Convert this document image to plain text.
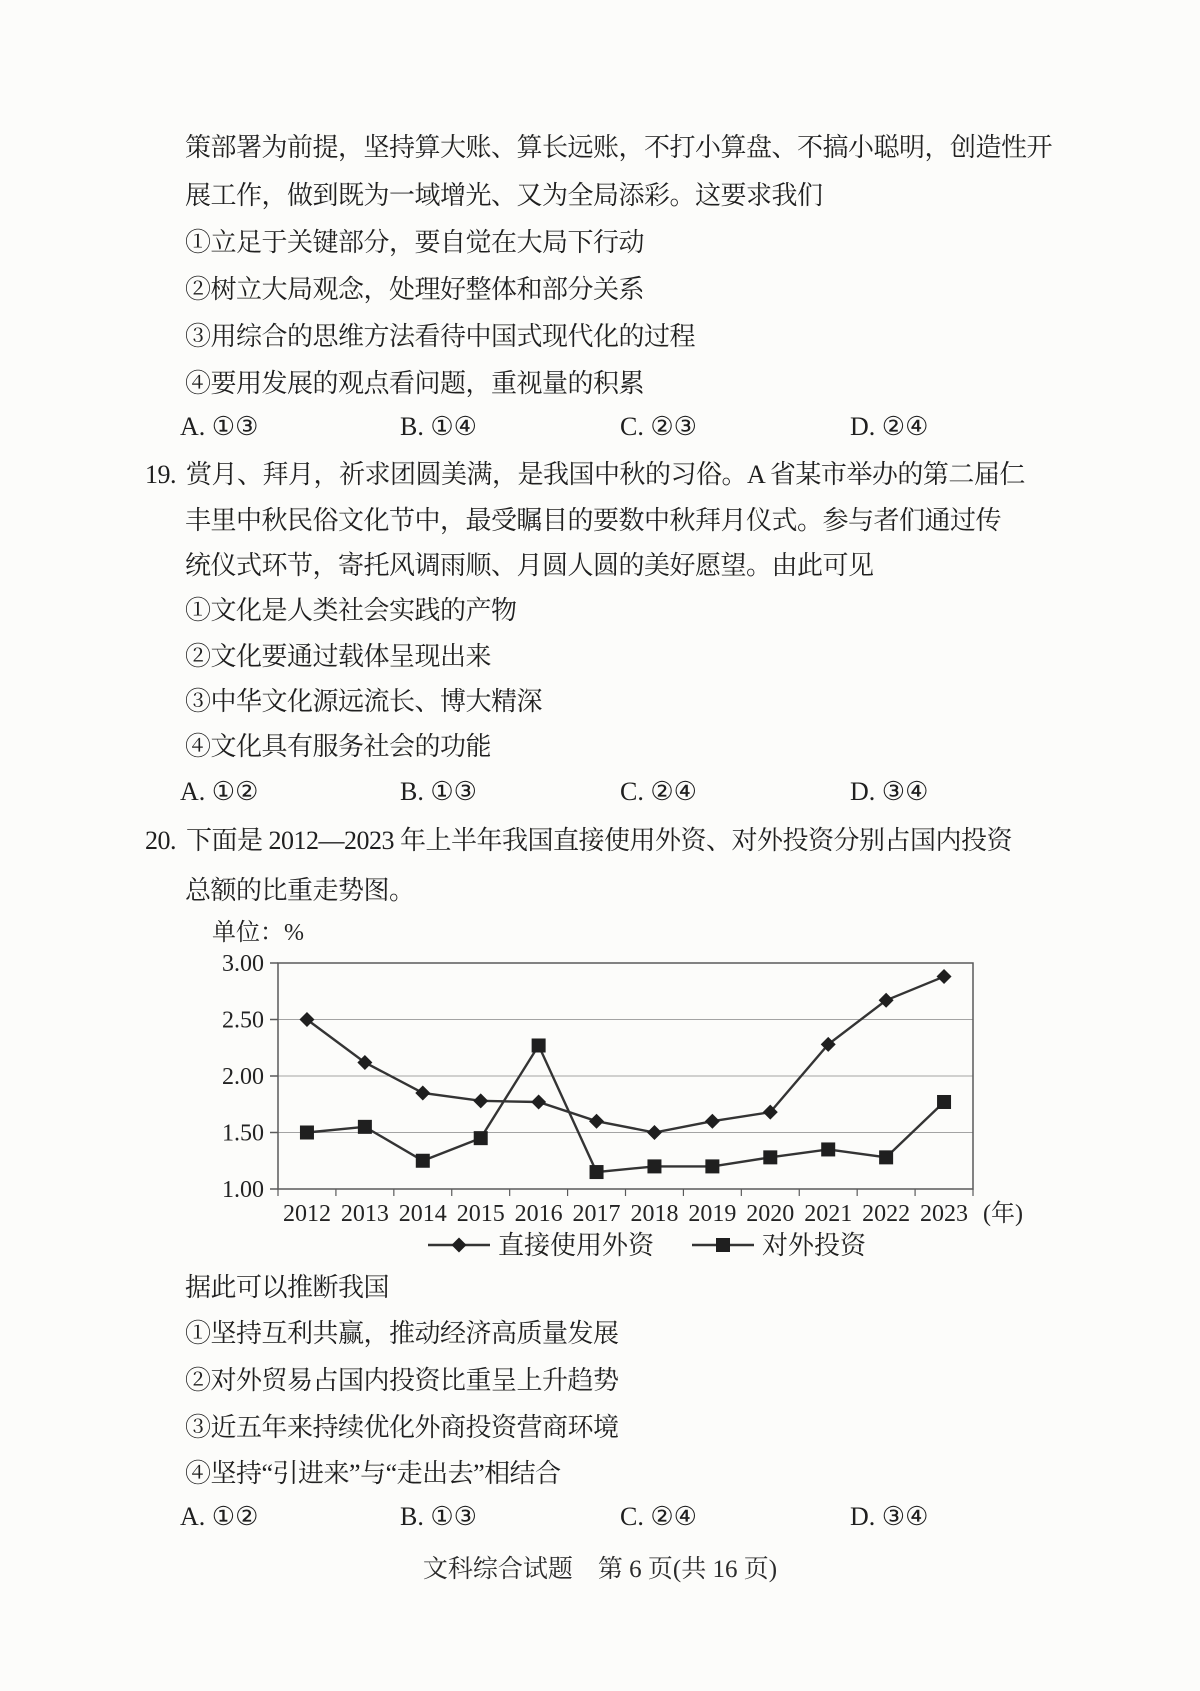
策部署为前提，坚持算大账、算长远账，不打小算盘、不搞小聪明，创造性开
展工作，做到既为一域增光、又为全局添彩。这要求我们
①立足于关键部分，要自觉在大局下行动
②树立大局观念，处理好整体和部分关系
③用综合的思维方法看待中国式现代化的过程
④要用发展的观点看问题，重视量的积累
A. ①③	B. ①④	C. ②③	D. ②④
19. 赏月、拜月，祈求团圆美满，是我国中秋的习俗。A 省某市举办的第二届仁
丰里中秋民俗文化节中，最受瞩目的要数中秋拜月仪式。参与者们通过传
统仪式环节，寄托风调雨顺、月圆人圆的美好愿望。由此可见
①文化是人类社会实践的产物
②文化要通过载体呈现出来
③中华文化源远流长、博大精深
④文化具有服务社会的功能
A. ①②	B. ①③	C. ②④	D. ③④
20. 下面是 2012—2023 年上半年我国直接使用外资、对外投资分别占国内投资
总额的比重走势图。
单位：%
1.00
1.50
2.00
2.50
3.00
2012 2013 2014 2015 2016 2017 2018 2019 2020 2021 2022 2023 (年)
直接使用外资	对外投资
据此可以推断我国
①坚持互利共赢，推动经济高质量发展
②对外贸易占国内投资比重呈上升趋势
③近五年来持续优化外商投资营商环境
④坚持“引进来”与“走出去”相结合
A. ①②	B. ①③	C. ②④	D. ③④
文科综合试题　第 6 页(共 16 页)
